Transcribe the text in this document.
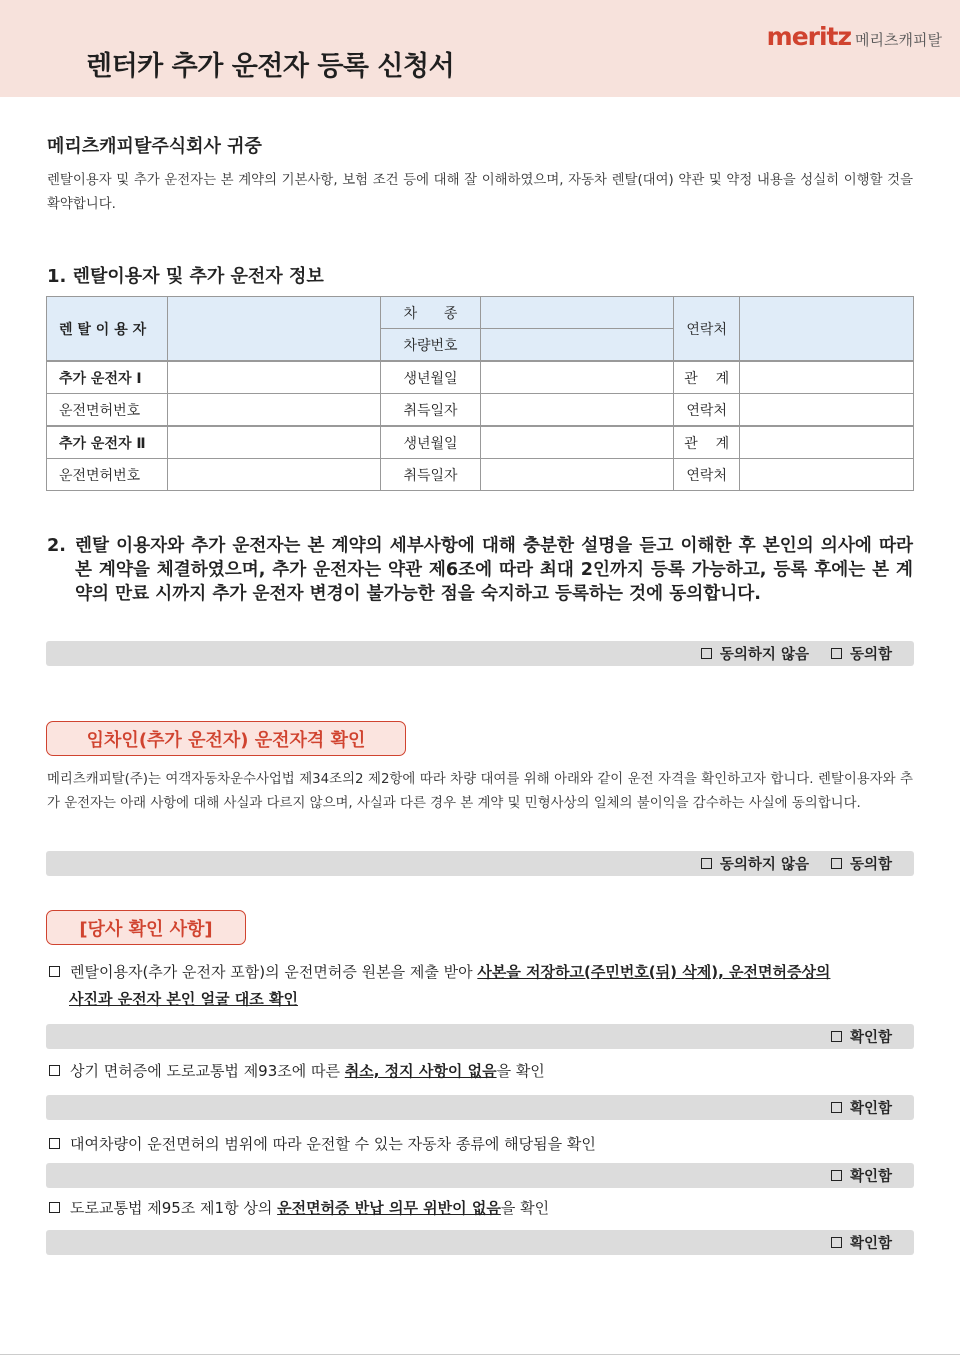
렌터카 추가 운전자 등록 신청서
meritz 메리츠캐피탈
메리츠캐피탈주식회사 귀중
렌탈이용자 및 추가 운전자는 본 계약의 기본사항, 보험 조건 등에 대해 잘 이해하였으며, 자동차 렌탈(대여) 약관 및 약정 내용을 성실히 이행할 것을 확약합니다.
1. 렌탈이용자 및 추가 운전자 정보
렌 탈 이 용 자		차      종		연락처	
		차량번호			
추가 운전자 Ⅰ		생년월일		관    계	
운전면허번호		취득일자		연락처	
추가 운전자 Ⅱ		생년월일		관    계	
운전면허번호		취득일자		연락처	
2. 렌탈 이용자와 추가 운전자는 본 계약의 세부사항에 대해 충분한 설명을 듣고 이해한 후 본인의 의사에 따라 본 계약을 체결하였으며, 추가 운전자는 약관 제6조에 따라 최대 2인까지 등록 가능하고, 등록 후에는 본 계약의 만료 시까지 추가 운전자 변경이 불가능한 점을 숙지하고 등록하는 것에 동의합니다.
동의하지 않음	동의함
임차인(추가 운전자) 운전자격 확인
메리츠캐피탈(주)는 여객자동차운수사업법 제34조의2 제2항에 따라 차량 대여를 위해 아래와 같이 운전 자격을 확인하고자 합니다. 렌탈이용자와 추가 운전자는 아래 사항에 대해 사실과 다르지 않으며, 사실과 다른 경우 본 계약 및 민형사상의 일체의 불이익을 감수하는 사실에 동의합니다.
동의하지 않음	동의함
[당사 확인 사항]
렌탈이용자(추가 운전자 포함)의 운전면허증 원본을 제출 받아 사본을 저장하고(주민번호(뒤) 삭제), 운전면허증상의
사진과 운전자 본인 얼굴 대조 확인
확인함
상기 면허증에 도로교통법 제93조에 따른 취소, 정지 사항이 없음을 확인
확인함
대여차량이 운전면허의 범위에 따라 운전할 수 있는 자동차 종류에 해당됨을 확인
확인함
도로교통법 제95조 제1항 상의 운전면허증 반납 의무 위반이 없음을 확인
확인함
